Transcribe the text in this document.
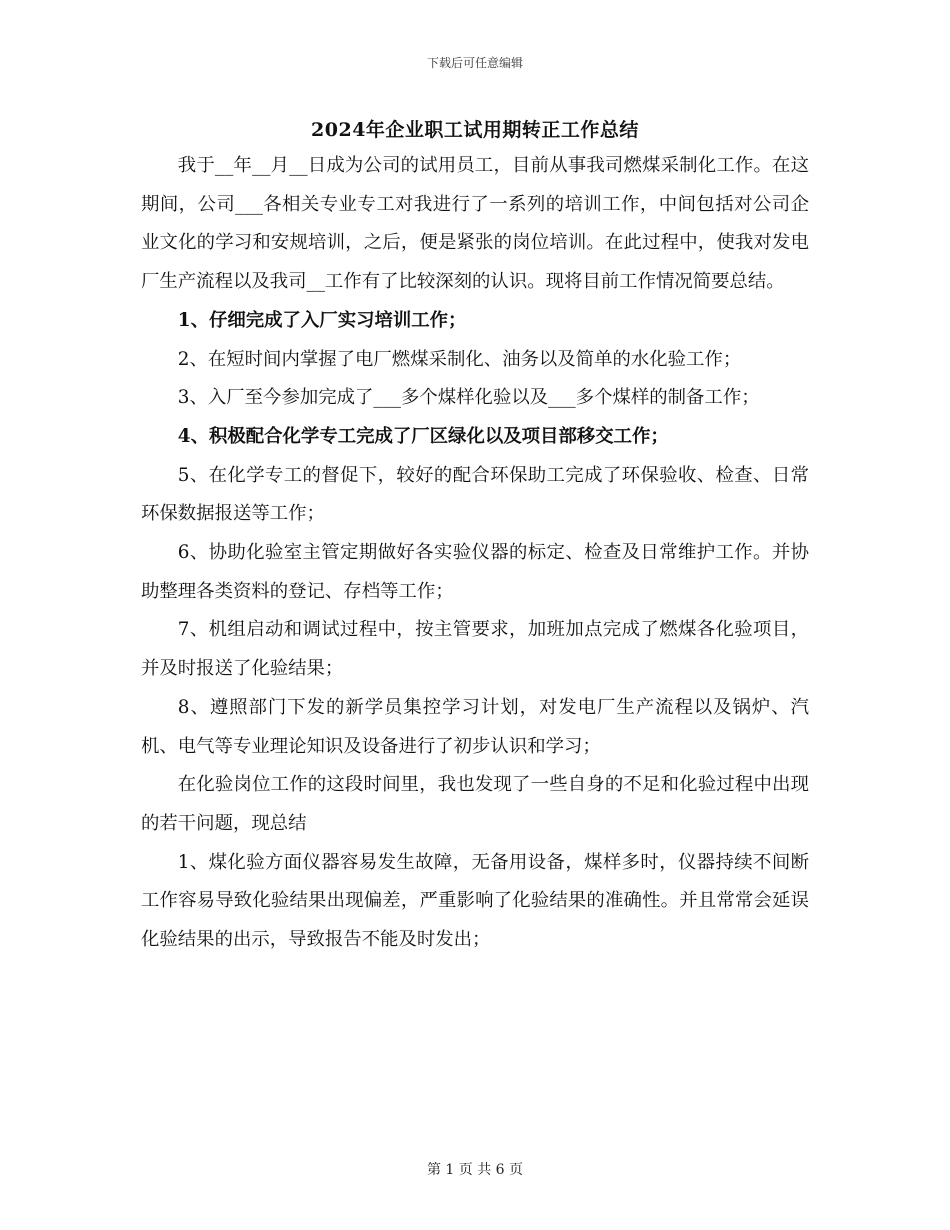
下载后可任意编辑
2024年企业职工试用期转正工作总结

我于__年__月__日成为公司的试用员工，目前从事我司燃煤采制化工作。在这期间，公司___各相关专业专工对我进行了一系列的培训工作，中间包括对公司企业文化的学习和安规培训，之后，便是紧张的岗位培训。在此过程中，使我对发电厂生产流程以及我司__工作有了比较深刻的认识。现将目前工作情况简要总结。

1、仔细完成了入厂实习培训工作；

2、在短时间内掌握了电厂燃煤采制化、油务以及简单的水化验工作；

3、入厂至今参加完成了___多个煤样化验以及___多个煤样的制备工作；

4、积极配合化学专工完成了厂区绿化以及项目部移交工作；

5、在化学专工的督促下，较好的配合环保助工完成了环保验收、检查、日常环保数据报送等工作；

6、协助化验室主管定期做好各实验仪器的标定、检查及日常维护工作。并协助整理各类资料的登记、存档等工作；

7、机组启动和调试过程中，按主管要求，加班加点完成了燃煤各化验项目，并及时报送了化验结果；

8、遵照部门下发的新学员集控学习计划，对发电厂生产流程以及锅炉、汽机、电气等专业理论知识及设备进行了初步认识和学习；

在化验岗位工作的这段时间里，我也发现了一些自身的不足和化验过程中出现的若干问题，现总结

1、煤化验方面仪器容易发生故障，无备用设备，煤样多时，仪器持续不间断工作容易导致化验结果出现偏差，严重影响了化验结果的准确性。并且常常会延误化验结果的出示，导致报告不能及时发出；

第 1 页 共 6 页
